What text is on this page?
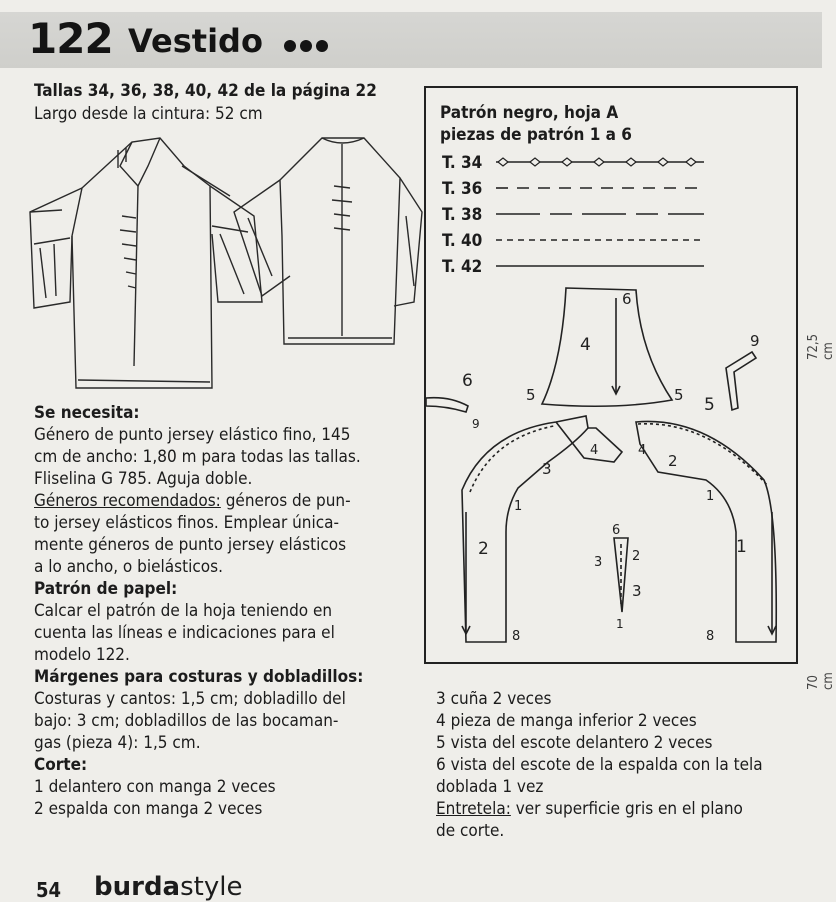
122 Vestido
Tallas 34, 36, 38, 40, 42 de la página 22
Largo desde la cintura: 52 cm
Se necesita:
Género de punto jersey elástico fino, 145
cm de ancho: 1,80 m para todas las tallas.
Fliselina G 785. Aguja doble.
Géneros recomendados: géneros de pun-
to jersey elásticos finos. Emplear única-
mente géneros de punto jersey elásticos
a lo ancho, o bielásticos.
Patrón de papel:
Calcar el patrón de la hoja teniendo en
cuenta las líneas e indicaciones para el
modelo 122.
Márgenes para costuras y dobladillos:
Costuras y cantos: 1,5 cm; dobladillo del
bajo: 3 cm; dobladillos de las bocaman-
gas (pieza 4): 1,5 cm.
Corte:
1 delantero con manga 2 veces
2 espalda con manga 2 veces
3 cuña 2 veces
4 pieza de manga inferior 2 veces
5 vista del escote delantero 2 veces
6 vista del escote de la espalda con la tela
doblada 1 vez
Entretela: ver superficie gris en el plano
de corte.
Patrón negro, hoja A
piezas de patrón 1 a 6
T. 34
T. 36
T. 38
T. 40
T. 42
6
4
5	5 5
9
6
9
4
3
1
2
8
4
2
1
1
8
6
3 2
3
1
72,5 cm
70 cm
54 burdastyle
